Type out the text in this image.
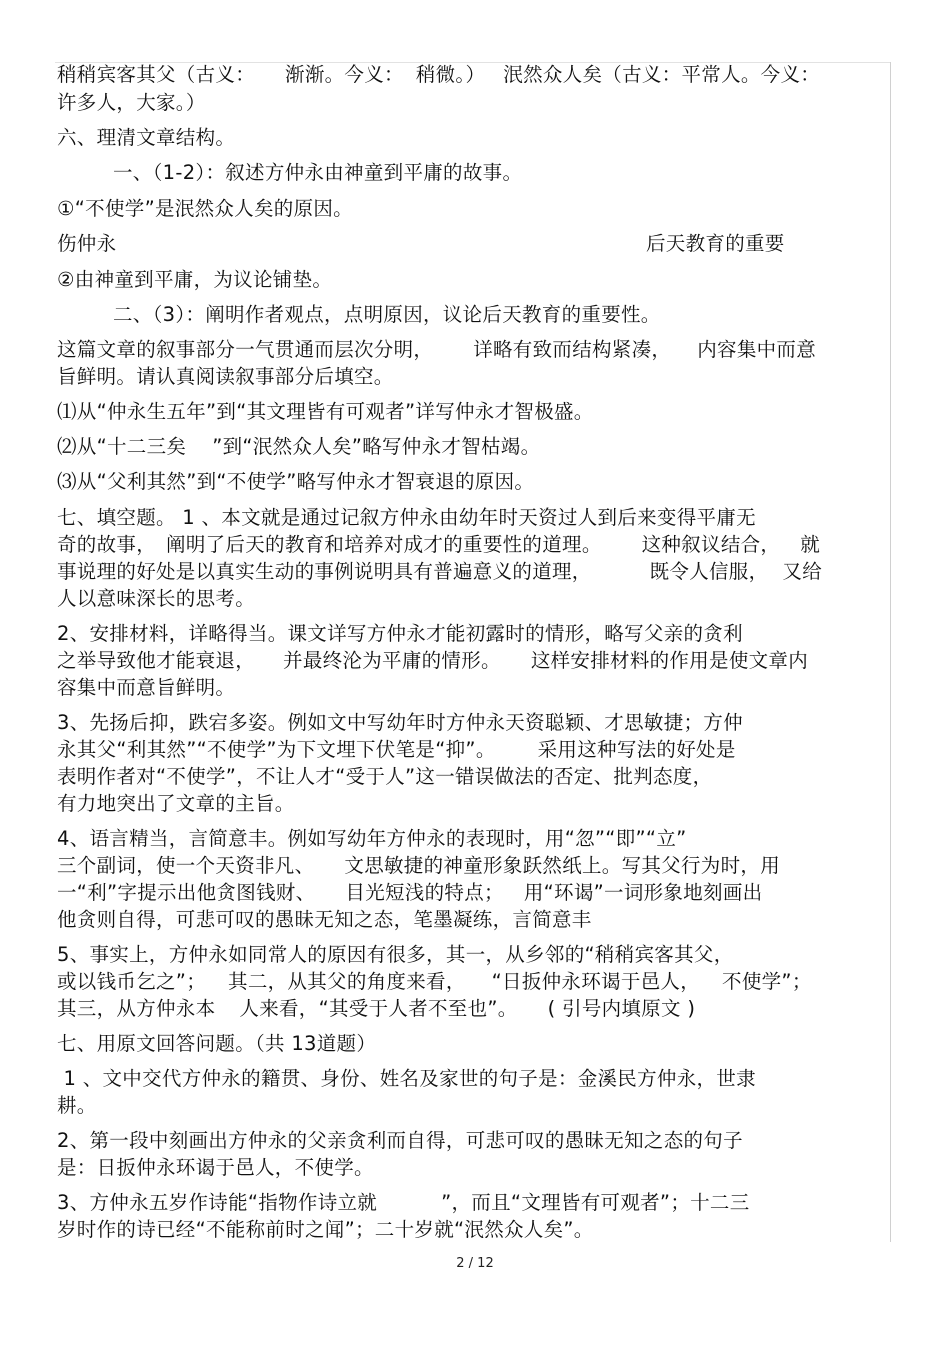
稍稍宾客其父（古义： 渐渐。今义： 稍微。） 泯然众人矣（古义：平常人。今义：
许多人，大家。）
六、理清文章结构。
一、（1-2）：叙述方仲永由神童到平庸的故事。
①“不使学”是泯然众人矣的原因。
伤仲永	后天教育的重要
②由神童到平庸，为议论铺垫。
二、（3）：阐明作者观点，点明原因，议论后天教育的重要性。
这篇文章的叙事部分一气贯通而层次分明， 详略有致而结构紧凑， 内容集中而意
旨鲜明。请认真阅读叙事部分后填空。
⑴从“仲永生五年”到“其文理皆有可观者”详写仲永才智极盛。
⑵从“十二三矣 ”到“泯然众人矣”略写仲永才智枯竭。
⑶从“父利其然”到“不使学”略写仲永才智衰退的原因。
七、填空题。 1 、本文就是通过记叙方仲永由幼年时天资过人到后来变得平庸无
奇的故事， 阐明了后天的教育和培养对成才的重要性的道理。 这种叙议结合， 就
事说理的好处是以真实生动的事例说明具有普遍意义的道理，	既令人信服， 又给
人以意味深长的思考。
2、安排材料，详略得当。课文详写方仲永才能初露时的情形，略写父亲的贪利
之举导致他才能衰退， 并最终沦为平庸的情形。 这样安排材料的作用是使文章内
容集中而意旨鲜明。
3、先扬后抑，跌宕多姿。例如文中写幼年时方仲永天资聪颖、才思敏捷；方仲
永其父“利其然”“不使学”为下文埋下伏笔是“抑”。 采用这种写法的好处是
表明作者对“不使学”，不让人才“受于人”这一错误做法的否定、批判态度，
有力地突出了文章的主旨。
4、语言精当，言简意丰。例如写幼年方仲永的表现时，用“忽”“即”“立”
三个副词，使一个天资非凡、 文思敏捷的神童形象跃然纸上。写其父行为时，用
一“利”字提示出他贪图钱财、 目光短浅的特点； 用“环谒”一词形象地刻画出
他贪则自得，可悲可叹的愚昧无知之态，笔墨凝练，言简意丰
5、事实上，方仲永如同常人的原因有很多，其一，从乡邻的“稍稍宾客其父，
或以钱币乞之”； 其二，从其父的角度来看， “日扳仲永环谒于邑人， 不使学”；
其三，从方仲永本 人来看，“其受于人者不至也”。 ( 引号内填原文 )
七、用原文回答问题。（共 13道题）
1 、文中交代方仲永的籍贯、身份、姓名及家世的句子是：金溪民方仲永，世隶
耕。
2、第一段中刻画出方仲永的父亲贪利而自得，可悲可叹的愚昧无知之态的句子
是：日扳仲永环谒于邑人，不使学。
3、方仲永五岁作诗能“指物作诗立就	”，而且“文理皆有可观者”；十二三
岁时作的诗已经“不能称前时之闻”；二十岁就“泯然众人矣”。
2 / 12
